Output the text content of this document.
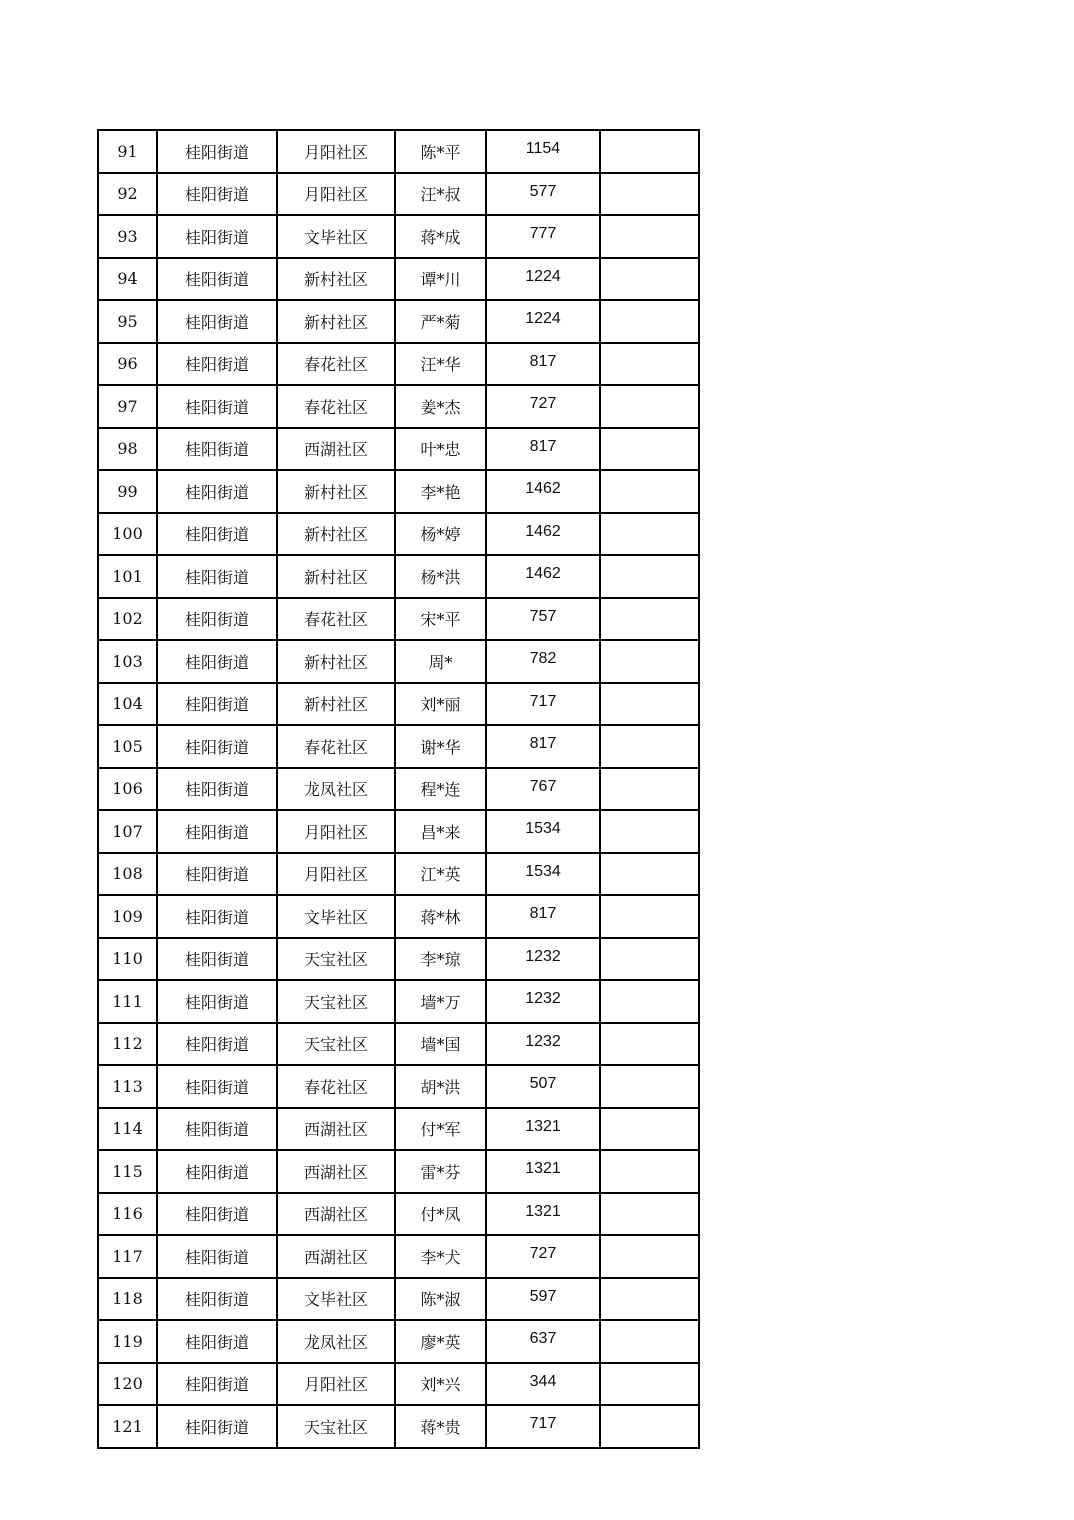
91	桂阳街道	月阳社区	陈*平	1154	
92	桂阳街道	月阳社区	汪*叔	577	
93	桂阳街道	文毕社区	蒋*成	777	
94	桂阳街道	新村社区	谭*川	1224	
95	桂阳街道	新村社区	严*菊	1224	
96	桂阳街道	春花社区	汪*华	817	
97	桂阳街道	春花社区	姜*杰	727	
98	桂阳街道	西湖社区	叶*忠	817	
99	桂阳街道	新村社区	李*艳	1462	
100	桂阳街道	新村社区	杨*婷	1462	
101	桂阳街道	新村社区	杨*洪	1462	
102	桂阳街道	春花社区	宋*平	757	
103	桂阳街道	新村社区	周*	782	
104	桂阳街道	新村社区	刘*丽	717	
105	桂阳街道	春花社区	谢*华	817	
106	桂阳街道	龙凤社区	程*连	767	
107	桂阳街道	月阳社区	昌*来	1534	
108	桂阳街道	月阳社区	江*英	1534	
109	桂阳街道	文毕社区	蒋*林	817	
110	桂阳街道	天宝社区	李*琼	1232	
111	桂阳街道	天宝社区	墙*万	1232	
112	桂阳街道	天宝社区	墙*国	1232	
113	桂阳街道	春花社区	胡*洪	507	
114	桂阳街道	西湖社区	付*军	1321	
115	桂阳街道	西湖社区	雷*芬	1321	
116	桂阳街道	西湖社区	付*凤	1321	
117	桂阳街道	西湖社区	李*犬	727	
118	桂阳街道	文毕社区	陈*淑	597	
119	桂阳街道	龙凤社区	廖*英	637	
120	桂阳街道	月阳社区	刘*兴	344	
121	桂阳街道	天宝社区	蒋*贵	717	
